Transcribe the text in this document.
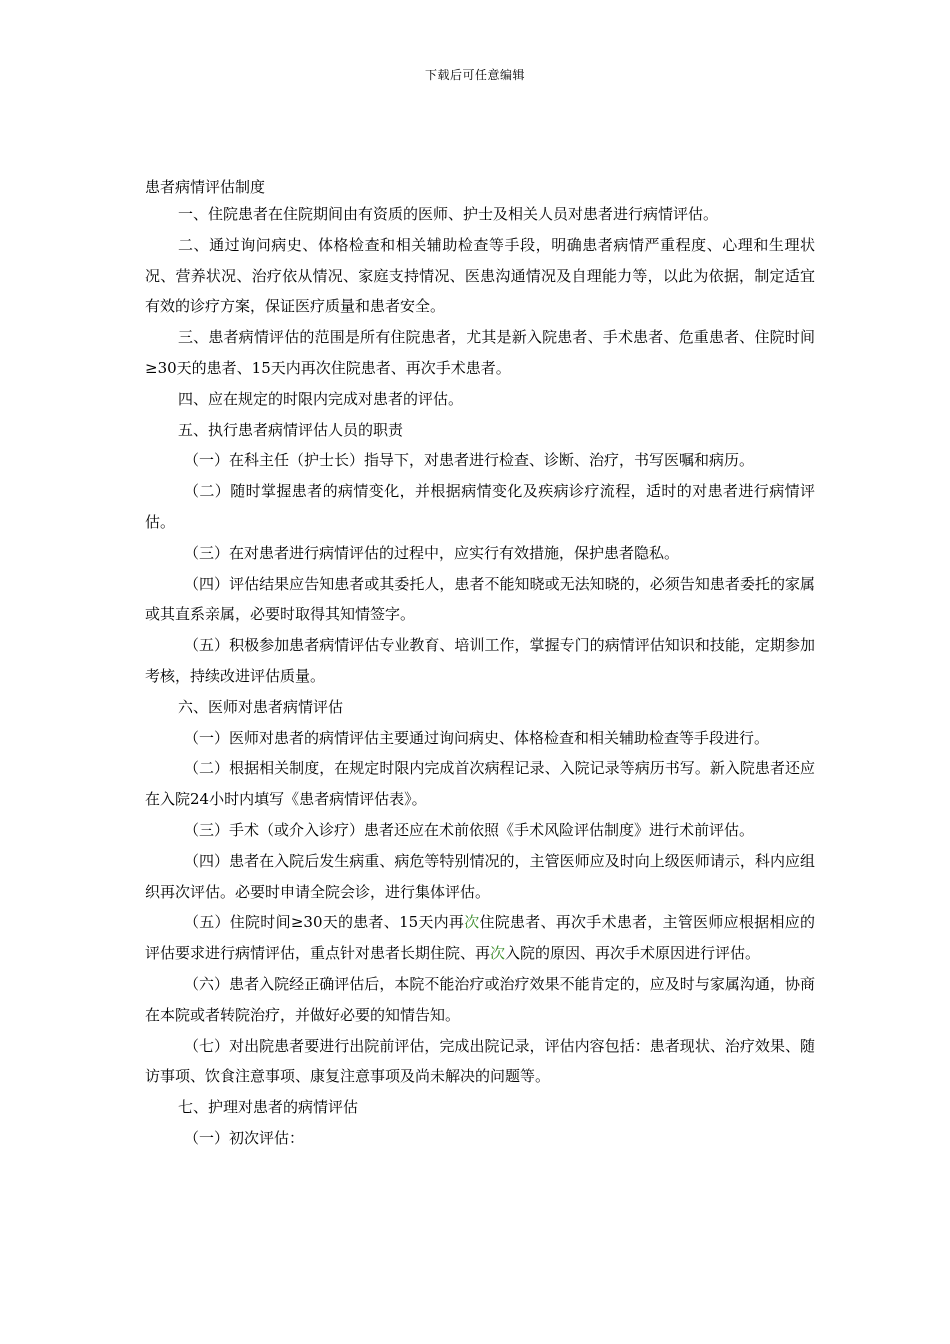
下载后可任意编辑
患者病情评估制度

一、住院患者在住院期间由有资质的医师、护士及相关人员对患者进行病情评估。

二、通过询问病史、体格检查和相关辅助检查等手段，明确患者病情严重程度、心理和生理状况、营养状况、治疗依从情况、家庭支持情况、医患沟通情况及自理能力等，以此为依据，制定适宜有效的诊疗方案，保证医疗质量和患者安全。

三、患者病情评估的范围是所有住院患者，尤其是新入院患者、手术患者、危重患者、住院时间≥30天的患者、15天内再次住院患者、再次手术患者。

四、应在规定的时限内完成对患者的评估。

五、执行患者病情评估人员的职责

（一）在科主任（护士长）指导下，对患者进行检查、诊断、治疗，书写医嘱和病历。

（二）随时掌握患者的病情变化，并根据病情变化及疾病诊疗流程，适时的对患者进行病情评估。

（三）在对患者进行病情评估的过程中，应实行有效措施，保护患者隐私。

（四）评估结果应告知患者或其委托人，患者不能知晓或无法知晓的，必须告知患者委托的家属或其直系亲属，必要时取得其知情签字。

（五）积极参加患者病情评估专业教育、培训工作，掌握专门的病情评估知识和技能，定期参加考核，持续改进评估质量。

六、医师对患者病情评估

（一）医师对患者的病情评估主要通过询问病史、体格检查和相关辅助检查等手段进行。

（二）根据相关制度，在规定时限内完成首次病程记录、入院记录等病历书写。新入院患者还应在入院24小时内填写《患者病情评估表》。

（三）手术（或介入诊疗）患者还应在术前依照《手术风险评估制度》进行术前评估。

（四）患者在入院后发生病重、病危等特别情况的，主管医师应及时向上级医师请示，科内应组织再次评估。必要时申请全院会诊，进行集体评估。

（五）住院时间≥30天的患者、15天内再次住院患者、再次手术患者，主管医师应根据相应的评估要求进行病情评估，重点针对患者长期住院、再次入院的原因、再次手术原因进行评估。

（六）患者入院经正确评估后，本院不能治疗或治疗效果不能肯定的，应及时与家属沟通，协商在本院或者转院治疗，并做好必要的知情告知。

（七）对出院患者要进行出院前评估，完成出院记录，评估内容包括：患者现状、治疗效果、随访事项、饮食注意事项、康复注意事项及尚未解决的问题等。

七、护理对患者的病情评估

（一）初次评估：
